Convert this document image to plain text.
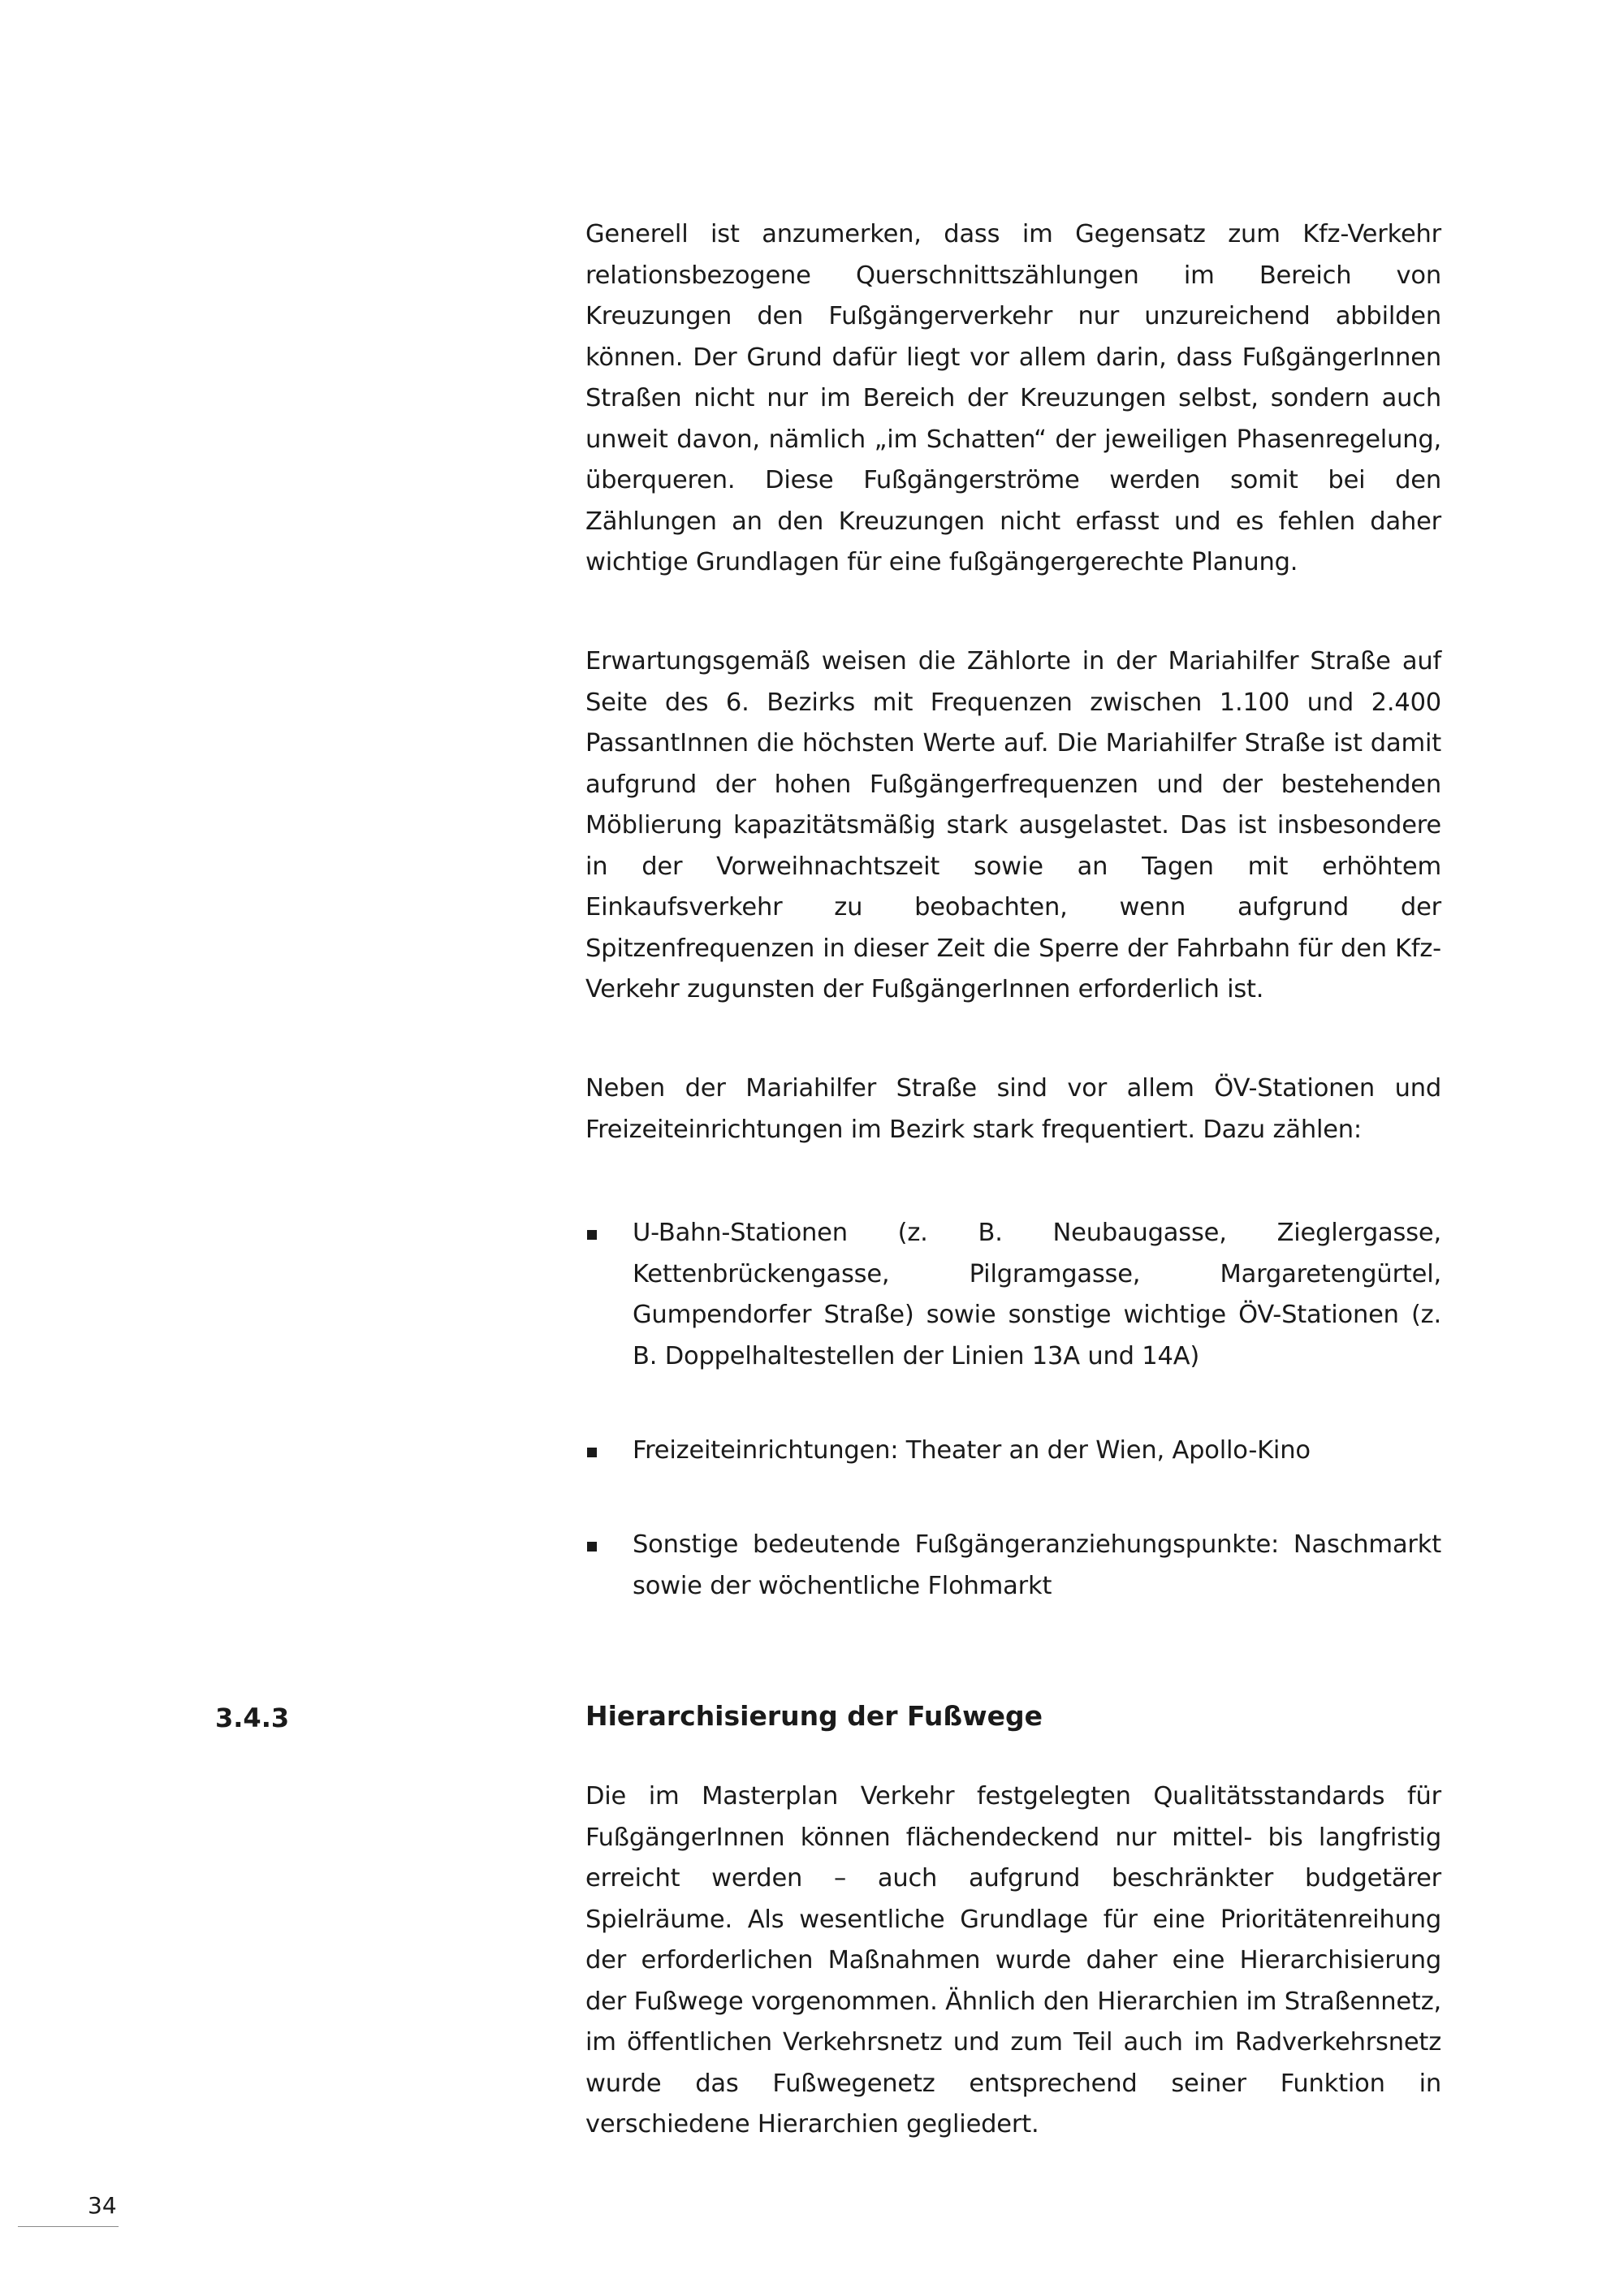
Generell ist anzumerken, dass im Gegensatz zum Kfz-Verkehr relationsbezogene Querschnittszählungen im Bereich von Kreuzungen den Fußgängerverkehr nur unzureichend abbilden können. Der Grund dafür liegt vor allem darin, dass FußgängerInnen Straßen nicht nur im Bereich der Kreuzungen selbst, sondern auch unweit davon, nämlich „im Schatten“ der jeweiligen Phasenregelung, überqueren. Diese Fußgängerströme werden somit bei den Zählungen an den Kreuzungen nicht erfasst und es fehlen daher wichtige Grundlagen für eine fußgängergerechte Planung.

Erwartungsgemäß weisen die Zählorte in der Mariahilfer Straße auf Seite des 6. Bezirks mit Frequenzen zwischen 1.100 und 2.400 PassantInnen die höchsten Werte auf. Die Mariahilfer Straße ist damit aufgrund der hohen Fußgängerfrequenzen und der bestehenden Möblierung kapazitätsmäßig stark ausgelastet. Das ist insbesondere in der Vorweihnachtszeit sowie an Tagen mit erhöhtem Einkaufsverkehr zu beobachten, wenn aufgrund der Spitzenfrequenzen in dieser Zeit die Sperre der Fahrbahn für den Kfz-Verkehr zugunsten der FußgängerInnen erforderlich ist.

Neben der Mariahilfer Straße sind vor allem ÖV-Stationen und Freizeiteinrichtungen im Bezirk stark frequentiert. Dazu zählen:

U-Bahn-Stationen (z. B. Neubaugasse, Zieglergasse, Kettenbrückengasse, Pilgramgasse, Margaretengürtel, Gumpendorfer Straße) sowie sonstige wichtige ÖV-Stationen (z. B. Doppelhaltestellen der Linien 13A und 14A)
Freizeiteinrichtungen: Theater an der Wien, Apollo-Kino
Sonstige bedeutende Fußgängeranziehungspunkte: Naschmarkt sowie der wöchentliche Flohmarkt
3.4.3	Hierarchisierung der Fußwege

Die im Masterplan Verkehr festgelegten Qualitätsstandards für FußgängerInnen können flächendeckend nur mittel- bis langfristig erreicht werden – auch aufgrund beschränkter budgetärer Spielräume. Als wesentliche Grundlage für eine Prioritätenreihung der erforderlichen Maßnahmen wurde daher eine Hierarchisierung der Fußwege vorgenommen. Ähnlich den Hierarchien im Straßennetz, im öffentlichen Verkehrsnetz und zum Teil auch im Radverkehrsnetz wurde das Fußwegenetz entsprechend seiner Funktion in verschiedene Hierarchien gegliedert.

34
